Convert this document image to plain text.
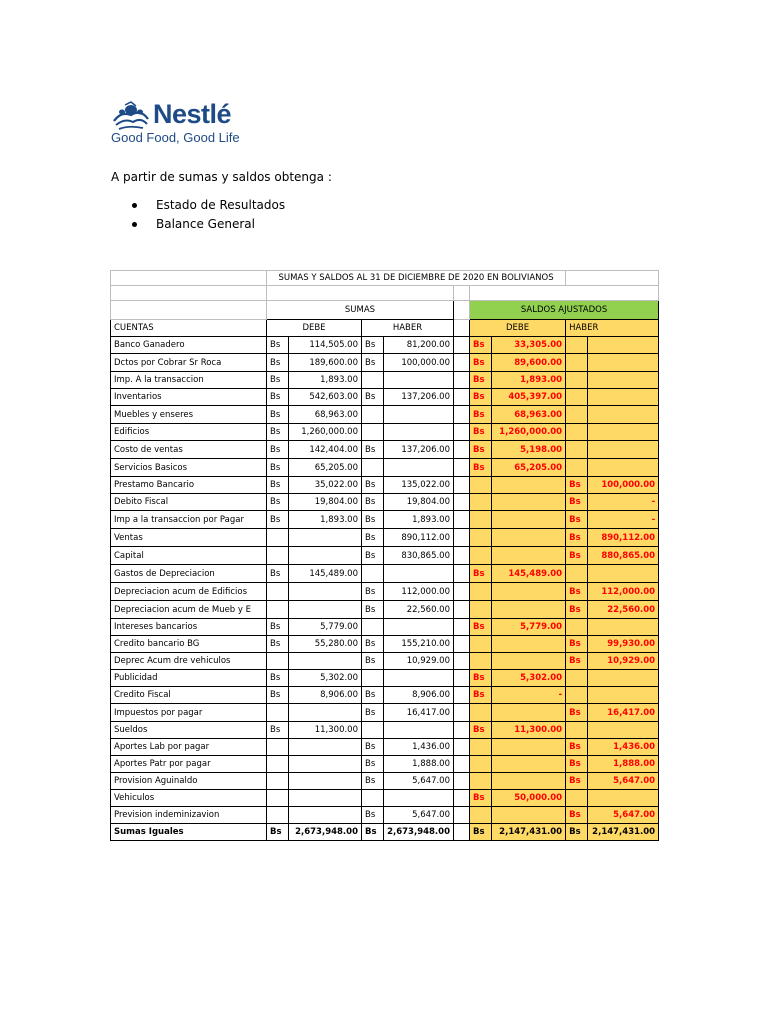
Nestlé
Good Food, Good Life
A partir de sumas y saldos obtenga :
Estado de Resultados
Balance General
	SUMAS Y SALDOS AL 31 DE DICIEMBRE DE 2020 EN BOLIVIANOS								

	SUMAS					SALDOS AJUSTADOS			
CUENTAS	DEBE		HABER			DEBE		HABER	
Banco Ganadero	Bs	114,505.00	Bs	81,200.00		Bs	33,305.00		
Dctos por Cobrar Sr Roca	Bs	189,600.00	Bs	100,000.00		Bs	89,600.00		
Imp. A la transaccion	Bs	1,893.00				Bs	1,893.00		
Inventarios	Bs	542,603.00	Bs	137,206.00		Bs	405,397.00		
Muebles y enseres	Bs	68,963.00				Bs	68,963.00		
Edificios	Bs	1,260,000.00				Bs	1,260,000.00		
Costo de ventas	Bs	142,404.00	Bs	137,206.00		Bs	5,198.00		
Servicios Basicos	Bs	65,205.00				Bs	65,205.00		
Prestamo Bancario	Bs	35,022.00	Bs	135,022.00				Bs	100,000.00
Debito Fiscal	Bs	19,804.00	Bs	19,804.00				Bs	-
Imp a la transaccion por Pagar	Bs	1,893.00	Bs	1,893.00				Bs	-
Ventas			Bs	890,112.00				Bs	890,112.00
Capital			Bs	830,865.00				Bs	880,865.00
Gastos de Depreciacion	Bs	145,489.00				Bs	145,489.00		
Depreciacion acum de Edificios			Bs	112,000.00				Bs	112,000.00
Depreciacion acum de Mueb y E			Bs	22,560.00				Bs	22,560.00
Intereses bancarios	Bs	5,779.00				Bs	5,779.00		
Credito bancario BG	Bs	55,280.00	Bs	155,210.00				Bs	99,930.00
Deprec Acum dre vehiculos			Bs	10,929.00				Bs	10,929.00
Publicidad	Bs	5,302.00				Bs	5,302.00		
Credito Fiscal	Bs	8,906.00	Bs	8,906.00		Bs	-		
Impuestos por pagar			Bs	16,417.00				Bs	16,417.00
Sueldos	Bs	11,300.00				Bs	11,300.00		
Aportes Lab por pagar			Bs	1,436.00				Bs	1,436.00
Aportes Patr por pagar			Bs	1,888.00				Bs	1,888.00
Provision Aguinaldo			Bs	5,647.00				Bs	5,647.00
Vehiculos						Bs	50,000.00		
Prevision indeminizavion			Bs	5,647.00				Bs	5,647.00
Sumas Iguales	Bs	2,673,948.00	Bs	2,673,948.00		Bs	2,147,431.00	Bs	2,147,431.00
